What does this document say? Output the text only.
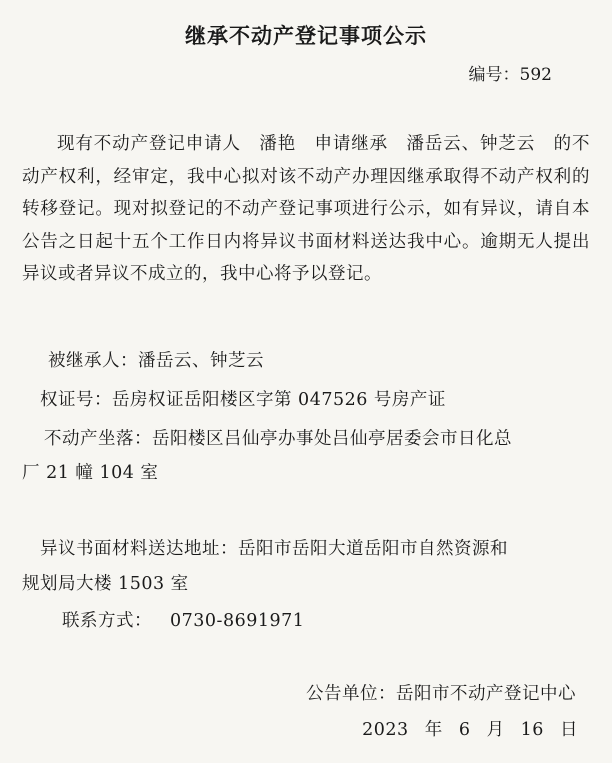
继承不动产登记事项公示
编号：592

现有不动产登记申请人　潘艳　申请继承　潘岳云、钟芝云　的不动产权利，经审定，我中心拟对该不动产办理因继承取得不动产权利的转移登记。现对拟登记的不动产登记事项进行公示，如有异议，请自本公告之日起十五个工作日内将异议书面材料送达我中心。逾期无人提出异议或者异议不成立的，我中心将予以登记。

被继承人：潘岳云、钟芝云
权证号：岳房权证岳阳楼区字第 047526 号房产证
不动产坐落：岳阳楼区吕仙亭办事处吕仙亭居委会市日化总
厂 21 幢 104 室
异议书面材料送达地址：岳阳市岳阳大道岳阳市自然资源和
规划局大楼 1503 室
联系方式： 0730-8691971
公告单位：岳阳市不动产登记中心
2023 年 6 月 16 日
